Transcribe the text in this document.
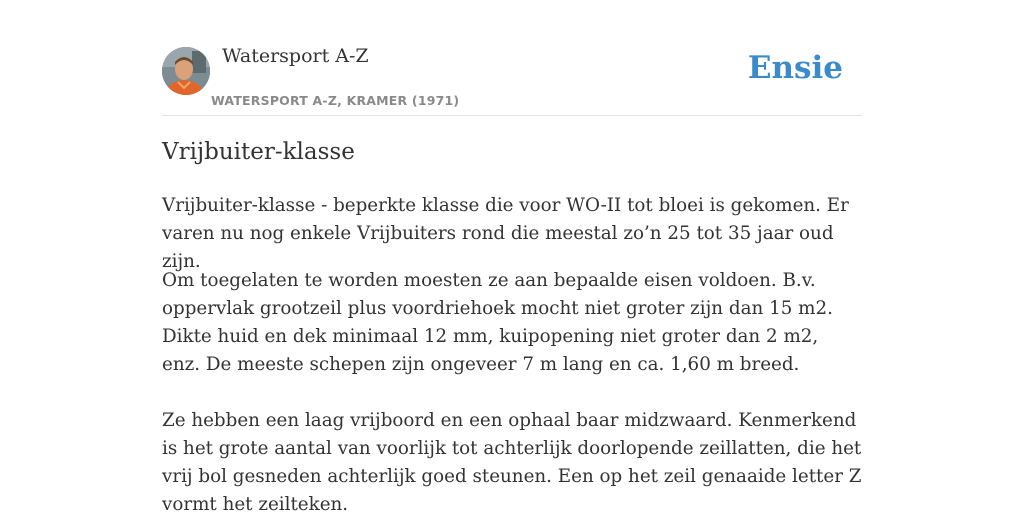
Watersport A-Z
WATERSPORT A-Z, KRAMER (1971)
Ensie
Vrijbuiter-klasse

Vrijbuiter-klasse - beperkte klasse die voor WO-II tot bloei is gekomen. Er varen nu nog enkele Vrijbuiters rond die meestal zo’n 25 tot 35 jaar oud zijn.

Om toegelaten te worden moesten ze aan bepaalde eisen voldoen. B.v. oppervlak grootzeil plus voordriehoek mocht niet groter zijn dan 15 m2. Dikte huid en dek minimaal 12 mm, kuipopening niet groter dan 2 m2, enz. De meeste schepen zijn ongeveer 7 m lang en ca. 1,60 m breed.

Ze hebben een laag vrijboord en een ophaal baar midzwaard. Kenmerkend is het grote aantal van voorlijk tot achterlijk doorlopende zeillatten, die het vrij bol gesneden achterlijk goed steunen. Een op het zeil genaaide letter Z vormt het zeilteken.
